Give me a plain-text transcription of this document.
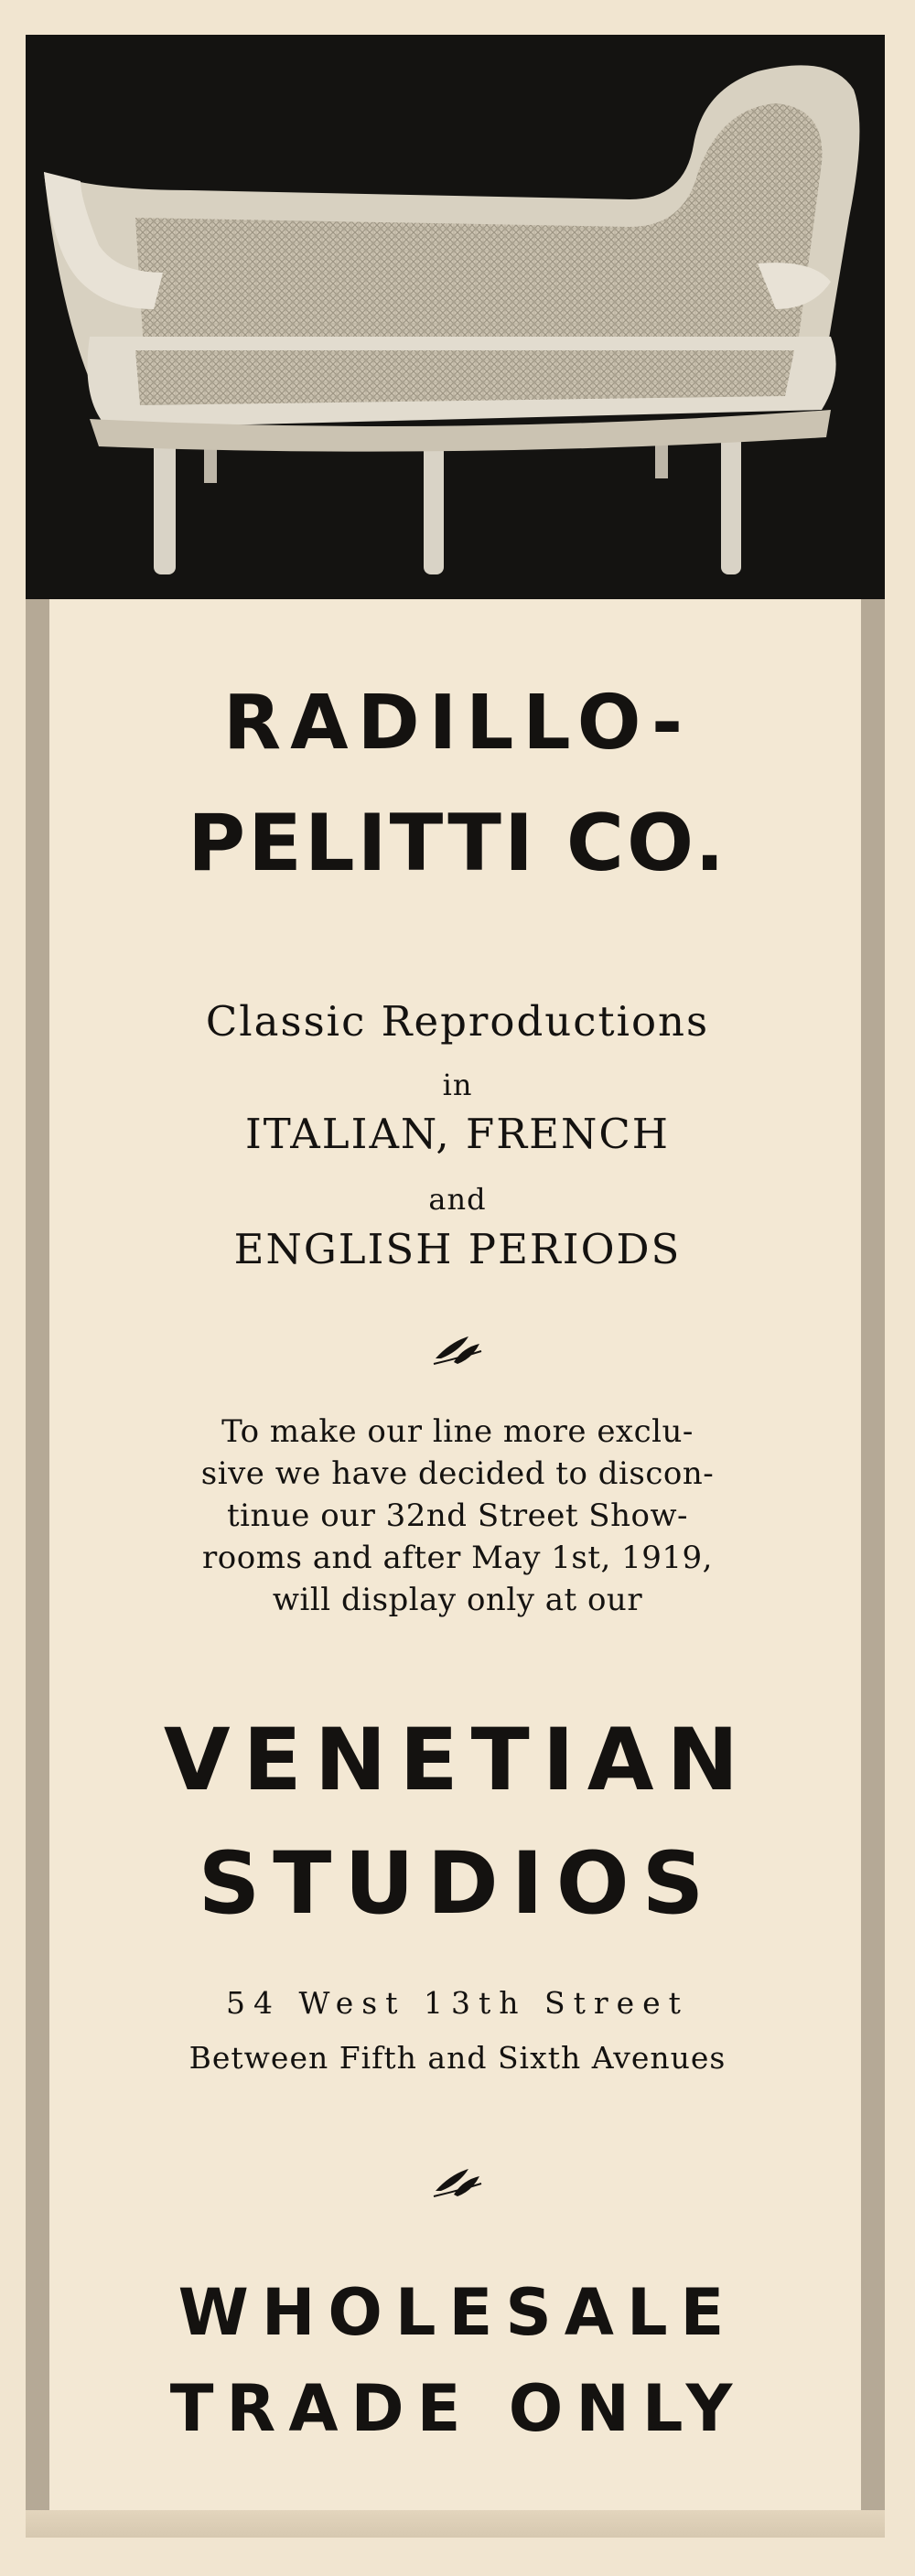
RADILLO-
PELITTI CO.
Classic Reproductions
in
ITALIAN, FRENCH
and
ENGLISH PERIODS
To make our line more exclu-
sive we have decided to discon-
tinue our 32nd Street Show-
rooms and after May 1st, 1919,
will display only at our
VENETIAN
STUDIOS
54 West 13th Street
Between Fifth and Sixth Avenues
WHOLESALE
TRADE ONLY
